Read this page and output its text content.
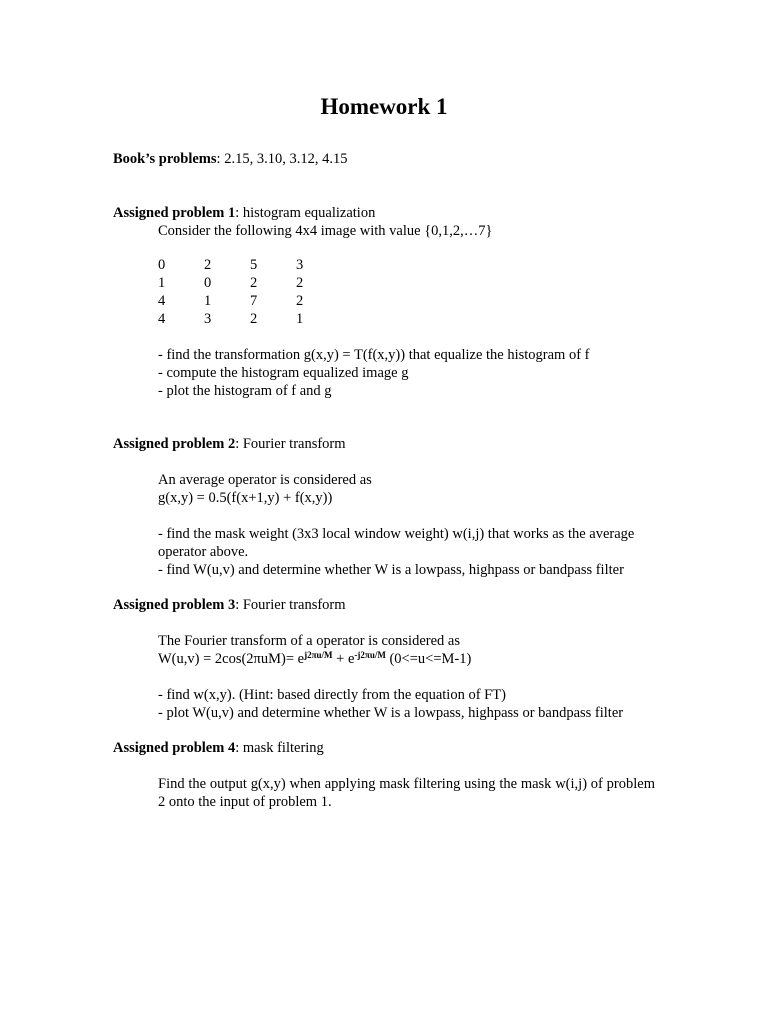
Homework 1
Book’s problems: 2.15, 3.10, 3.12, 4.15
Assigned problem 1: histogram equalization
Consider the following 4x4 image with value {0,1,2,…7}
0	2	5	3
1	0	2	2
4	1	7	2
4	3	2	1
- find the transformation g(x,y) = T(f(x,y)) that equalize the histogram of f
- compute the histogram equalized image g
- plot the histogram of f and g
Assigned problem 2: Fourier transform
An average operator is considered as
g(x,y) = 0.5(f(x+1,y) + f(x,y))
- find the mask weight (3x3 local window weight) w(i,j) that works as the average
operator above.
- find W(u,v) and determine whether W is a lowpass, highpass or bandpass filter
Assigned problem 3: Fourier transform
The Fourier transform of a operator is considered as
$W(u,v) = 2\cos(2\pi uM)= e^{j2\pi u/M} + e^{-j2\pi u/M}$ (0<=u<=M-1)
- find w(x,y). (Hint: based directly from the equation of FT)
- plot W(u,v) and determine whether W is a lowpass, highpass or bandpass filter
Assigned problem 4: mask filtering
Find the output g(x,y) when applying mask filtering using the mask w(i,j) of problem 2 onto the input of problem 1.
